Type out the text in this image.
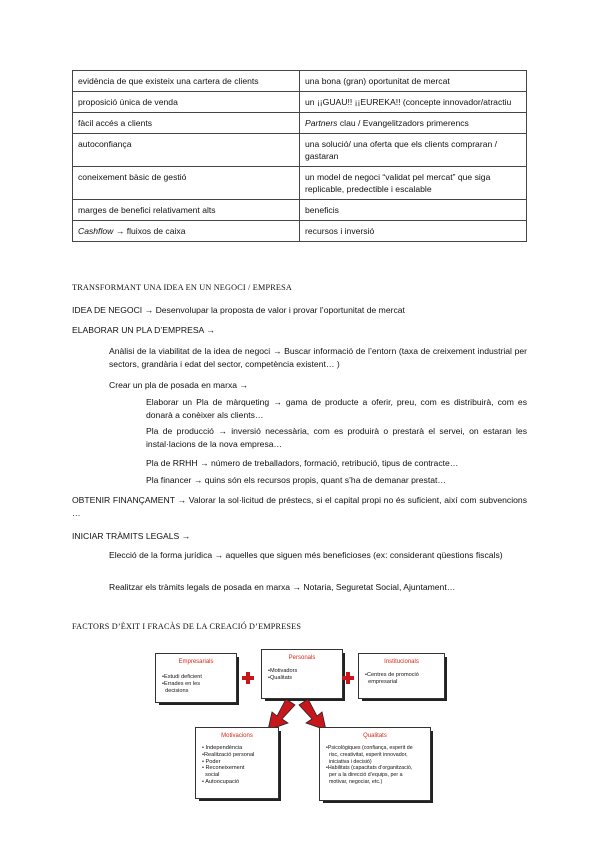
evidència de que existeix una cartera de clients	una bona (gran) oportunitat de mercat
proposició única de venda	un ¡¡GUAU!! ¡¡EUREKA!! (concepte innovador/atractiu
fàcil accés a clients	Partners clau / Evangelitzadors primerencs
autoconfiança	una solució/ una oferta que els clients compraran / gastaran
coneixement bàsic de gestió	un model de negoci “validat pel mercat” que siga replicable, predectible i escalable
marges de benefici relativament alts	beneficis
Cashflow → fluixos de caixa	recursos i inversió
TRANSFORMANT UNA IDEA EN UN NEGOCI / EMPRESA
IDEA DE NEGOCI → Desenvolupar la proposta de valor i provar l’oportunitat de mercat
ELABORAR UN PLA D’EMPRESA →
Anàlisi de la viabilitat de la idea de negoci → Buscar informació de l’entorn (taxa de creixement industrial per sectors, grandària i edat del sector, competència existent… )
Crear un pla de posada en marxa →
Elaborar un Pla de màrqueting → gama de producte a oferir, preu, com es distribuirà, com es donarà a conèixer als clients…
Pla de producció → inversió necessària, com es produirà o prestarà el servei, on estaran les instal·lacions de la nova empresa…
Pla de RRHH → número de treballadors, formació, retribució, tipus de contracte…
Pla financer → quins són els recursos propis, quant s’ha de demanar prestat…
OBTENIR FINANÇAMENT → Valorar la sol·licitud de préstecs, si el capital propi no és suficient, així com subvencions …
INICIAR TRÀMITS LEGALS →
Elecció de la forma jurídica → aquelles que siguen més beneficioses (ex: considerant qüestions fiscals)
Realitzar els tràmits legals de posada en marxa → Notaria, Seguretat Social, Ajuntament…
FACTORS D’ÈXIT I FRACÀS DE LA CREACIÓ D’EMPRESES
Empresarials
•Estudi deficient
•Errades en les
decisions
Personals
•Motivadors
•Qualitats
Institucionals
•Centres de promoció
empresarial
Motivacions
• Independència
•Realització personal
• Poder
• Reconeixement
social
• Autoocupació
Qualitats
•Psicològiques (confiança, esperit de
risc, creativitat, esperit innovador,
iniciativa i decisió)
•Habilitats (capacitats d’organització,
per a la direcció d’equips, per a
motivar, negociar, etc.)
